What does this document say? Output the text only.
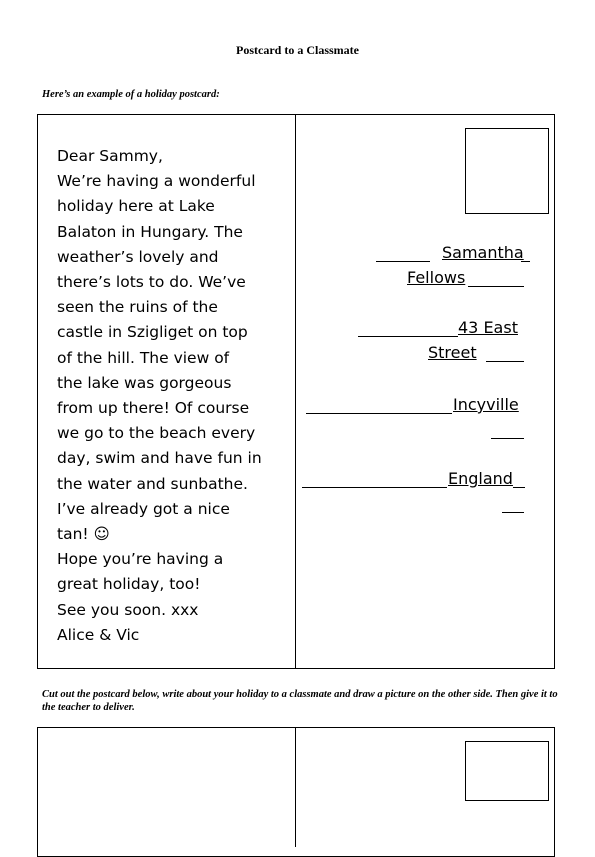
Postcard to a Classmate
Here’s an example of a holiday postcard:
Dear Sammy,
We’re having a wonderful
holiday here at Lake
Balaton in Hungary. The
weather’s lovely and
there’s lots to do. We’ve
seen the ruins of the
castle in Szigliget on top
of the hill. The view of
the lake was gorgeous
from up there! Of course
we go to the beach every
day, swim and have fun in
the water and sunbathe.
I’ve already got a nice
tan! ☺
Hope you’re having a
great holiday, too!
See you soon. xxx
Alice & Vic
Samantha
Fellows
43 East
Street
Incyville
England
Cut out the postcard below, write about your holiday to a classmate and draw a picture on the other side. Then give it to the teacher to deliver.
